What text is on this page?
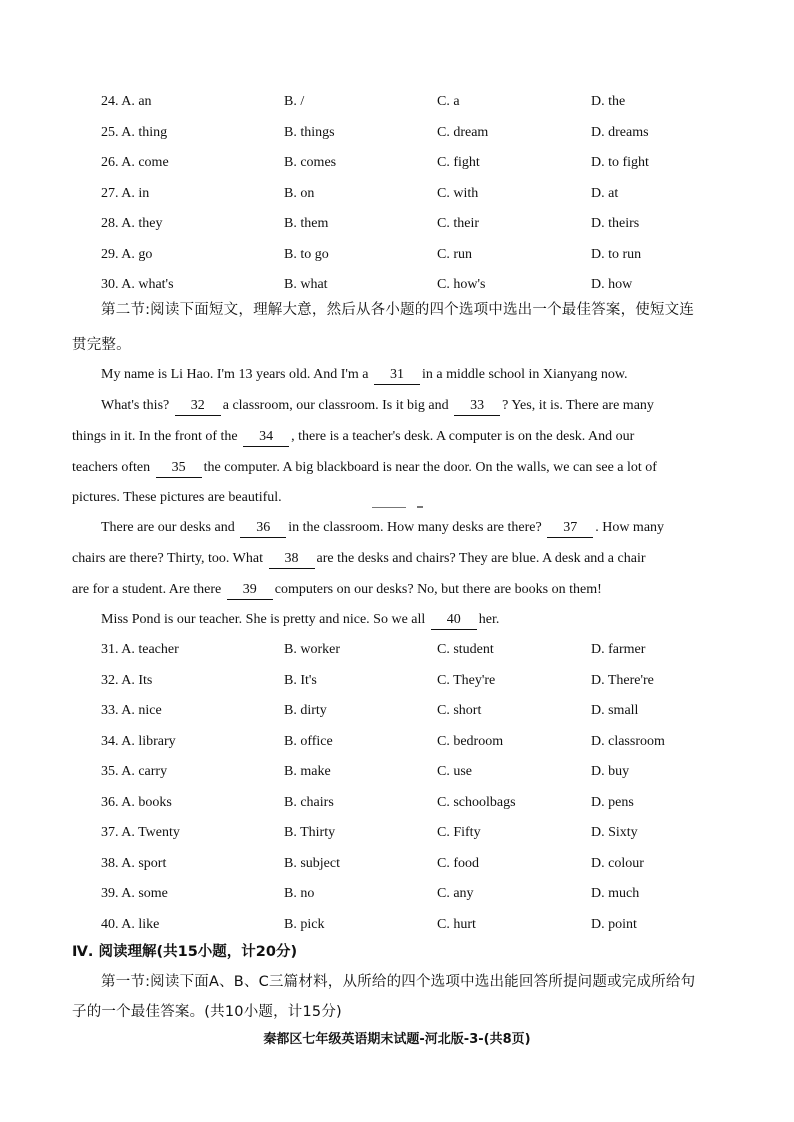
24. A. an	B. /	C. a	D. the
25. A. thing	B. things	C. dream	D. dreams
26. A. come	B. comes	C. fight	D. to fight
27. A. in	B. on	C. with	D. at
28. A. they	B. them	C. their	D. theirs
29. A. go	B. to go	C. run	D. to run
30. A. what's	B. what	C. how's	D. how
第二节:阅读下面短文，理解大意，然后从各小题的四个选项中选出一个最佳答案，使短文连
贯完整。
My name is Li Hao. I'm 13 years old. And I'm a 31 in a middle school in Xianyang now.
What's this? 32 a classroom, our classroom. Is it big and 33 ? Yes, it is. There are many
things in it. In the front of the 34 , there is a teacher's desk. A computer is on the desk. And our
teachers often 35 the computer. A big blackboard is near the door. On the walls, we can see a lot of
pictures. These pictures are beautiful.
There are our desks and 36 in the classroom. How many desks are there? 37 . How many
chairs are there? Thirty, too. What 38 are the desks and chairs? They are blue. A desk and a chair
are for a student. Are there 39 computers on our desks? No, but there are books on them!
Miss Pond is our teacher. She is pretty and nice. So we all 40 her.
31. A. teacher	B. worker	C. student	D. farmer
32. A. Its	B. It's	C. They're	D. There're
33. A. nice	B. dirty	C. short	D. small
34. A. library	B. office	C. bedroom	D. classroom
35. A. carry	B. make	C. use	D. buy
36. A. books	B. chairs	C. schoolbags	D. pens
37. A. Twenty	B. Thirty	C. Fifty	D. Sixty
38. A. sport	B. subject	C. food	D. colour
39. A. some	B. no	C. any	D. much
40. A. like	B. pick	C. hurt	D. point
Ⅳ. 阅读理解(共15小题，计20分)
第一节:阅读下面A、B、C三篇材料，从所给的四个选项中选出能回答所提问题或完成所给句
子的一个最佳答案。(共10小题，计15分)
秦都区七年级英语期末试题-河北版-3-(共8页)
